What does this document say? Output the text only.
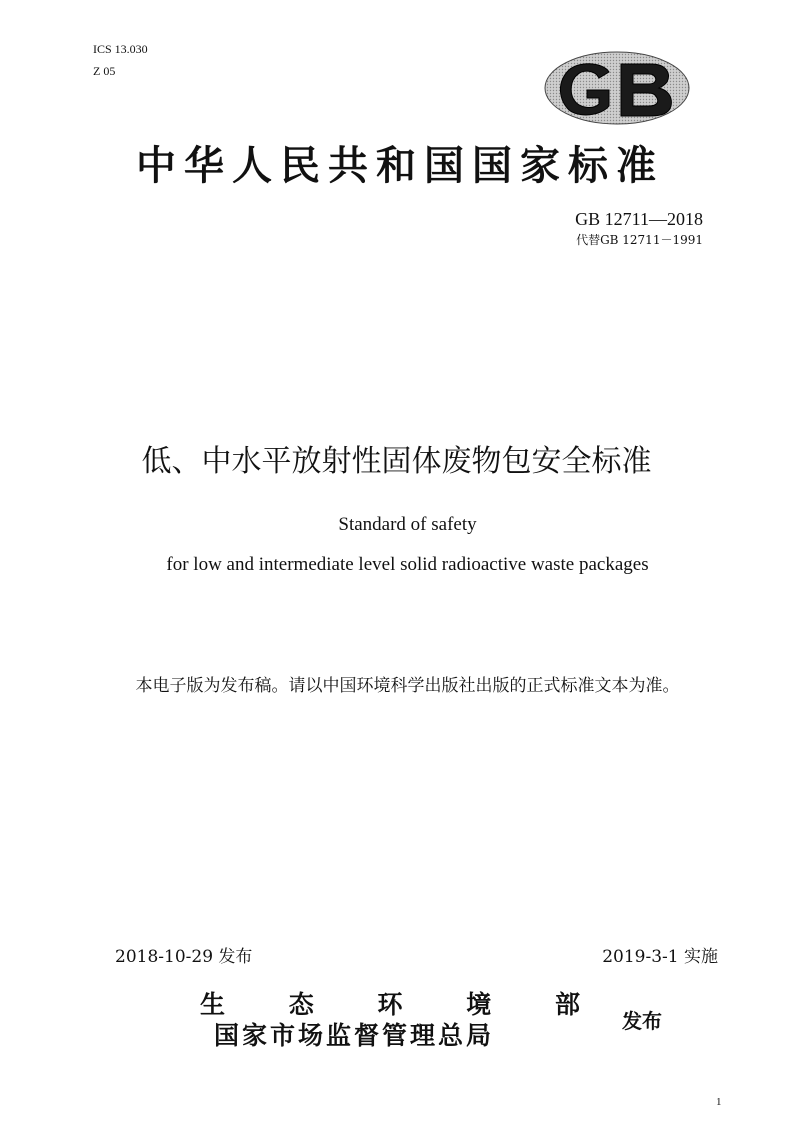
ICS 13.030
Z 05
中华人民共和国国家标准
GB 12711—2018
代替GB 12711－1991
低、中水平放射性固体废物包安全标准
Standard of safety
for low and intermediate level solid radioactive waste packages
本电子版为发布稿。请以中国环境科学出版社出版的正式标准文本为准。
2018-10-29 发布	2019-3-1 实施
生	态	环	境	部
国家市场监督管理总局	发布
1
